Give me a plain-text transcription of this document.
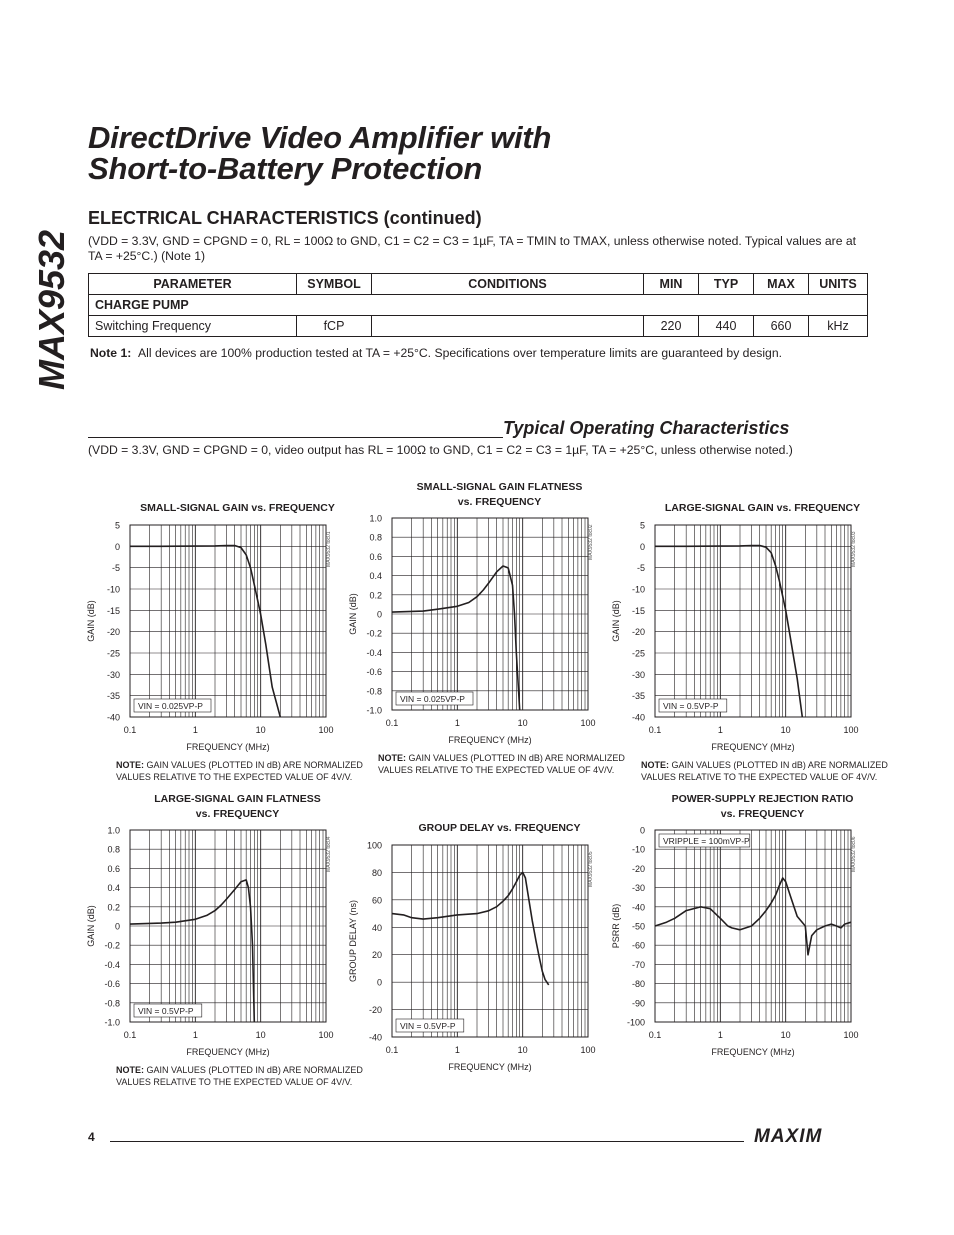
MAX9532
DirectDrive Video Amplifier with
Short-to-Battery Protection
ELECTRICAL CHARACTERISTICS (continued)
(VDD = 3.3V, GND = CPGND = 0, RL = 100Ω to GND, C1 = C2 = C3 = 1µF, TA = TMIN to TMAX, unless otherwise noted. Typical values are at TA = +25°C.) (Note 1)
PARAMETER	SYMBOL	CONDITIONS	MIN	TYP	MAX	UNITS
CHARGE PUMP						
Switching Frequency	fCP		220	440	660	kHz
Note 1: All devices are 100% production tested at TA = +25°C. Specifications over temperature limits are guaranteed by design.
Typical Operating Characteristics
(VDD = 3.3V, GND = CPGND = 0, video output has RL = 100Ω to GND, C1 = C2 = C3 = 1µF, TA = +25°C, unless otherwise noted.)
SMALL-SIGNAL GAIN vs. FREQUENCY
5
0
-5
-10
-15
-20
-25
-30
-35
-40
0.1	1	10	100
FREQUENCY (MHz)
GAIN (dB)
MAX9532 toc01
VIN = 0.025VP-P
NOTE: GAIN VALUES (PLOTTED IN dB) ARE NORMALIZED VALUES RELATIVE TO THE EXPECTED VALUE OF 4V/V.
SMALL-SIGNAL GAIN FLATNESS
vs. FREQUENCY
1.0
0.8
0.6
0.4
0.2
0
-0.2
-0.4
-0.6
-0.8
-1.0
0.1	1	10	100
FREQUENCY (MHz)
GAIN (dB)
MAX9532 toc02
VIN = 0.025VP-P
NOTE: GAIN VALUES (PLOTTED IN dB) ARE NORMALIZED VALUES RELATIVE TO THE EXPECTED VALUE OF 4V/V.
LARGE-SIGNAL GAIN vs. FREQUENCY
5
0
-5
-10
-15
-20
-25
-30
-35
-40
0.1	1	10	100
FREQUENCY (MHz)
GAIN (dB)
MAX9532 toc03
VIN = 0.5VP-P
NOTE: GAIN VALUES (PLOTTED IN dB) ARE NORMALIZED VALUES RELATIVE TO THE EXPECTED VALUE OF 4V/V.
LARGE-SIGNAL GAIN FLATNESS
vs. FREQUENCY
1.0
0.8
0.6
0.4
0.2
0
-0.2
-0.4
-0.6
-0.8
-1.0
0.1	1	10	100
FREQUENCY (MHz)
GAIN (dB)
MAX9532 toc04
VIN = 0.5VP-P
NOTE: GAIN VALUES (PLOTTED IN dB) ARE NORMALIZED VALUES RELATIVE TO THE EXPECTED VALUE OF 4V/V.
GROUP DELAY vs. FREQUENCY
100
80
60
40
20
0
-20
-40
0.1	1	10	100
FREQUENCY (MHz)
GROUP DELAY (ns)
MAX9532 toc05
VIN = 0.5VP-P
POWER-SUPPLY REJECTION RATIO
vs. FREQUENCY
0
-10
-20
-30
-40
-50
-60
-70
-80
-90
-100
0.1	1	10	100
FREQUENCY (MHz)
PSRR (dB)
MAX9532 toc06
VRIPPLE = 100mVP-P
4	MAXIM
